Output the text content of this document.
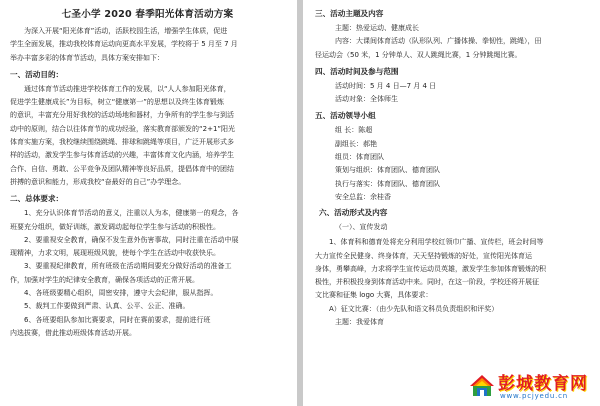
七圣小学 2020 春季阳光体育活动方案

为深入开展“阳光体育”活动，活跃校园生活，增强学生体质，促进

学生全面发展，推动我校体育运动向更高水平发展，学校将于 5 月至 7 月

举办丰富多彩的体育节活动，具体方案安排如下：

一、活动目的：

通过体育节活动推进学校体育工作的发展，以“人人参加阳光体育，

促进学生健康成长”为目标，树立“健康第一”的思想以及终生体育锻炼

的意识，丰富充分用好我校的活动场地和器材，力争所有的学生参与到活

动中的原则，结合以往体育节的成功经验，落实教育部颁发的“2+1”阳光

体育实施方案，我校继续围绕跳绳、排球和跳绳等项目，广泛开展形式多

样的活动，激发学生参与体育活动的兴趣，丰富体育文化内涵，培养学生

合作、自信、勇敢、公平竞争及团队精神等良好品质，提倡体育中的团结

拼搏的意识和能力，形成我校“奋最好的自己”办学理念。

二、总体要求：

1、充分认识体育节活动的意义，注重以人为本，健康第一的观念，各

班要充分组织，做好训练，激发调动起每位学生参与活动的积极性。

2、要重视安全教育，确保不发生意外伤害事故，同时注重在活动中展

现精神，力求文明，展现班级风貌，使每个学生在活动中收获快乐。

3、要重视纪律教育，所有班级在活动期间要充分做好活动的准备工

作，加强对学生的纪律安全教育，确保各项活动的正常开展。

4、各班级要精心组织，周密安排，遵守大会纪律，服从指挥。

5、裁判工作要做到严肃、认真、公平、公正、准确。

6、各班要组队参加比赛要求，同时在赛前要求，提前进行班

内选拔赛，借此推动班级体育活动开展。

三、活动主题及内容

主题：热爱运动、健康成长

内容：大课间体育活动（队形队列、广播体操、拳韧性，跳绳），田

径运动会（50 米，1 分钟单人、双人跳绳比赛，1 分钟跳绳比赛。

四、活动时间及参与范围

活动时间：5 月 4 日—7 月 4 日

活动对象：全体师生

五、活动领导小组

组 长：陈超

副组长：郝艳

组员：体育团队

策划与组织：体育团队、德育团队

执行与落实：体育团队、德育团队

安全总监：余桂香

六、活动形式及内容
（一）、宣传发动

1、体育科和德育处将充分利用学校红领巾广播、宣传栏，班会时间等

大力宣传全民健身、终身体育，天天坚持锻炼的好处，宣传阳光体育运

身体，勇攀高峰，力求将学生宣传运动员英雄，激发学生参加体育锻炼的积

极性，并积极投身到体育活动中来。同时，在这一阶段，学校还将开展征

文比赛和征集 logo 大赛，具体要求：

A）征文比赛：（由少先队和语文科员负责组织和评奖）

主题：我爱体育

彭城教育网
www.pcjyedu.cn
